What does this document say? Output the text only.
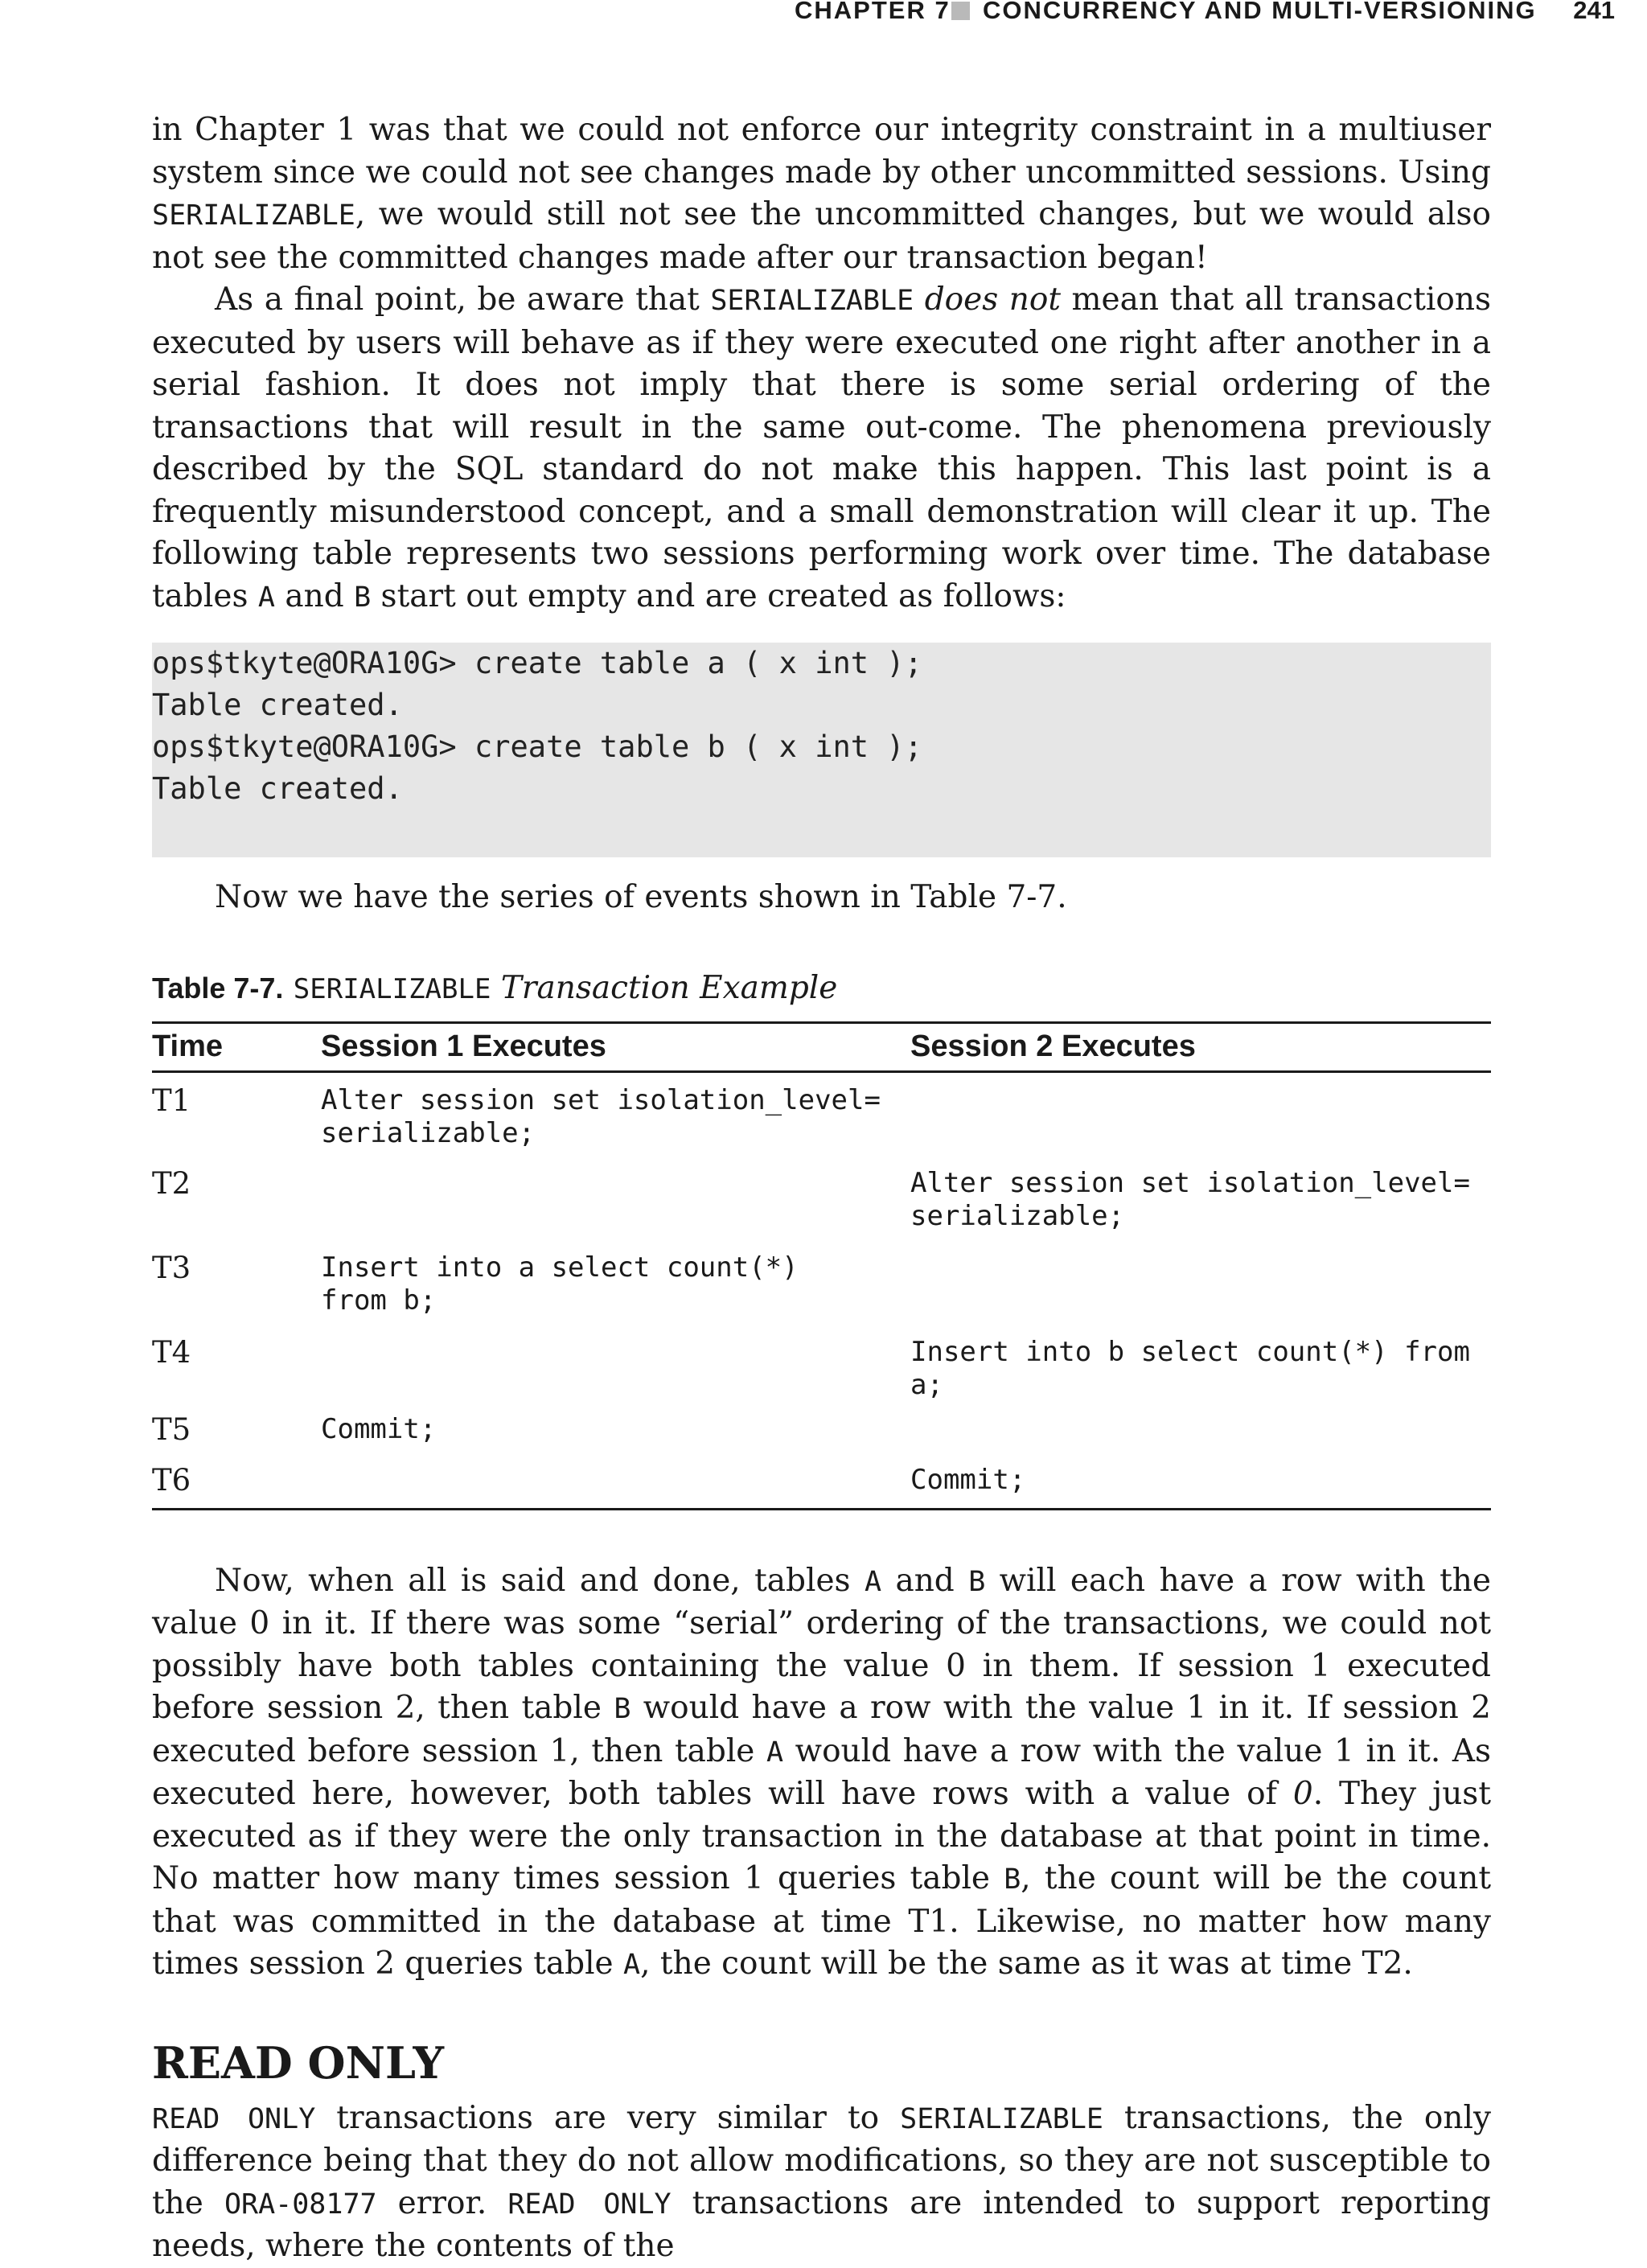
CHAPTER 7 CONCURRENCY AND MULTI-VERSIONING 241

in Chapter 1 was that we could not enforce our integrity constraint in a multiuser system since we could not see changes made by other uncommitted sessions. Using SERIALIZABLE, we would still not see the uncommitted changes, but we would also not see the committed changes made after our transaction began!

As a final point, be aware that SERIALIZABLE does not mean that all transactions executed by users will behave as if they were executed one right after another in a serial fashion. It does not imply that there is some serial ordering of the transactions that will result in the same out-come. The phenomena previously described by the SQL standard do not make this happen. This last point is a frequently misunderstood concept, and a small demonstration will clear it up. The following table represents two sessions performing work over time. The database tables A and B start out empty and are created as follows:

ops$tkyte@ORA10G> create table a ( x int );
Table created.
ops$tkyte@ORA10G> create table b ( x int );
Table created.

Now we have the series of events shown in Table 7-7.

Table 7-7. SERIALIZABLE Transaction Example
Time	Session 1 Executes	Session 2 Executes
T1	Alter session set isolation_level=
serializable;	
T2		Alter session set isolation_level=
serializable;
T3	Insert into a select count(*)
from b;	
T4		Insert into b select count(*) from a;
T5	Commit;	
T6		Commit;

Now, when all is said and done, tables A and B will each have a row with the value 0 in it. If there was some “serial” ordering of the transactions, we could not possibly have both tables containing the value 0 in them. If session 1 executed before session 2, then table B would have a row with the value 1 in it. If session 2 executed before session 1, then table A would have a row with the value 1 in it. As executed here, however, both tables will have rows with a value of 0. They just executed as if they were the only transaction in the database at that point in time. No matter how many times session 1 queries table B, the count will be the count that was committed in the database at time T1. Likewise, no matter how many times session 2 queries table A, the count will be the same as it was at time T2.

READ ONLY

READ ONLY transactions are very similar to SERIALIZABLE transactions, the only difference being that they do not allow modifications, so they are not susceptible to the ORA-08177 error. READ ONLY transactions are intended to support reporting needs, where the contents of the
